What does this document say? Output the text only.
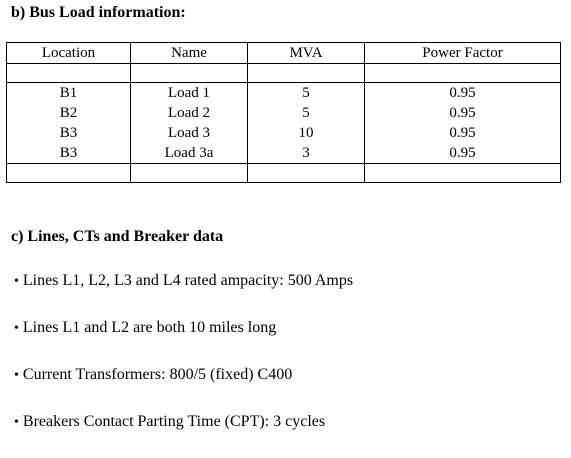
b) Bus Load information:
Location	Name	MVA	Power Factor

B1	Load 1	5	0.95
B2	Load 2	5	0.95
B3	Load 3	10	0.95
B3	Load 3a	3	0.95

c) Lines, CTs and Breaker data
• Lines L1, L2, L3 and L4 rated ampacity: 500 Amps
• Lines L1 and L2 are both 10 miles long
• Current Transformers: 800/5 (fixed) C400
• Breakers Contact Parting Time (CPT): 3 cycles
